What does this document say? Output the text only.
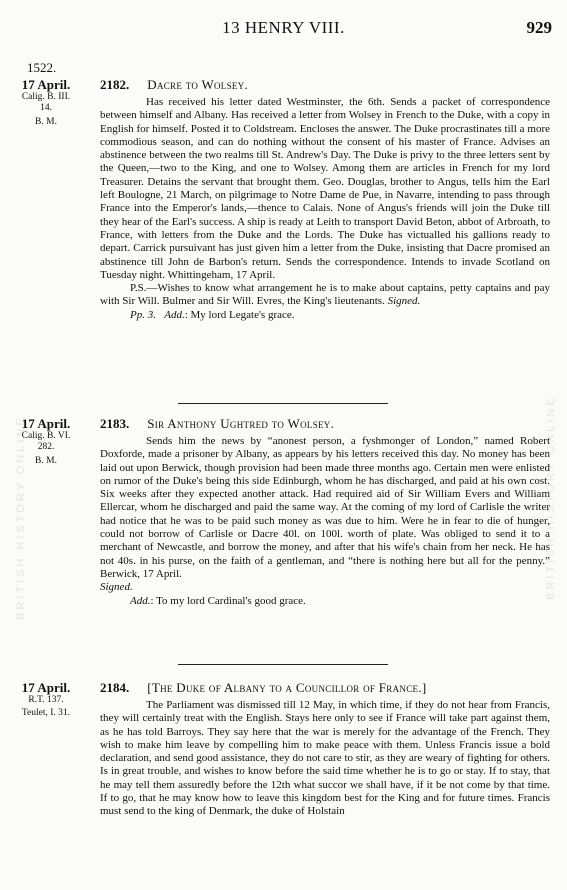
13 HENRY VIII.	929
1522.
17 April.
Calig. B. III.
14.
B. M.
2182. Dacre to Wolsey.

Has received his letter dated Westminster, the 6th. Sends a packet of correspondence between himself and Albany. Has received a letter from Wolsey in French to the Duke, with a copy in English for himself. Posted it to Coldstream. Encloses the answer. The Duke procrastinates till a more commodious season, and can do nothing without the consent of his master of France. Advises an abstinence between the two realms till St. Andrew's Day. The Duke is privy to the three letters sent by the Queen,—two to the King, and one to Wolsey. Among them are articles in French for my lord Treasurer. Detains the servant that brought them. Geo. Douglas, brother to Angus, tells him the Earl left Boulogne, 21 March, on pilgrimage to Notre Dame de Pue, in Navarre, intending to pass through France into the Emperor's lands,—thence to Calais. None of Angus's friends will join the Duke till they hear of the Earl's success. A ship is ready at Leith to transport David Beton, abbot of Arbroath, to France, with letters from the Duke and the Lords. The Duke has victualled his gallions ready to depart. Carrick pursuivant has just given him a letter from the Duke, insisting that Dacre promised an abstinence till John de Barbon's return. Sends the correspondence. Intends to invade Scotland on Tuesday night. Whittingeham, 17 April.

P.S.—Wishes to know what arrangement he is to make about captains, petty captains and pay with Sir Will. Bulmer and Sir Will. Evres, the King's lieutenants. Signed.

Pp. 3. Add.: My lord Legate's grace.

17 April.
Calig. B. VI.
282.
B. M.
2183. Sir Anthony Ughtred to Wolsey.

Sends him the news by “anonest person, a fyshmonger of London,” named Robert Doxforde, made a prisoner by Albany, as appears by his letters received this day. No money has been laid out upon Berwick, though provision had been made three months ago. Certain men were enlisted on rumor of the Duke's being this side Edinburgh, whom he has discharged, and paid at his own cost. Six weeks after they expected another attack. Had required aid of Sir William Evers and William Ellercar, whom he discharged and paid the same way. At the coming of my lord of Carlisle the writer had notice that he was to be paid such money as was due to him. Were he in fear to die of hunger, could not borrow of Carlisle or Dacre 40l. on 100l. worth of plate. Was obliged to send it to a merchant of Newcastle, and borrow the money, and after that his wife's chain from her neck. He has not 40s. in his purse, on the faith of a gentleman, and “there is nothing here but all for the penny.” Berwick, 17 April.

Signed.

Add.: To my lord Cardinal's good grace.

17 April.
R.T. 137.
Teulet, I. 31.
2184. [The Duke of Albany to a Councillor of France.]

The Parliament was dismissed till 12 May, in which time, if they do not hear from Francis, they will certainly treat with the English. Stays here only to see if France will take part against them, as he has told Barroys. They say here that the war is merely for the advantage of the French. They wish to make him leave by compelling him to make peace with them. Unless Francis issue a bold declaration, and send good assistance, they do not care to stir, as they are weary of fighting for others. Is in great trouble, and wishes to know before the said time whether he is to go or stay. If to stay, that he may tell them assuredly before the 12th what succor we shall have, if it be not come by that time. If to go, that he may know how to leave this kingdom best for the King and for future times. Francis must send to the king of Denmark, the duke of Holstain

BRITISH HISTORY ONLINE
BRITISH HISTORY ONLINE
